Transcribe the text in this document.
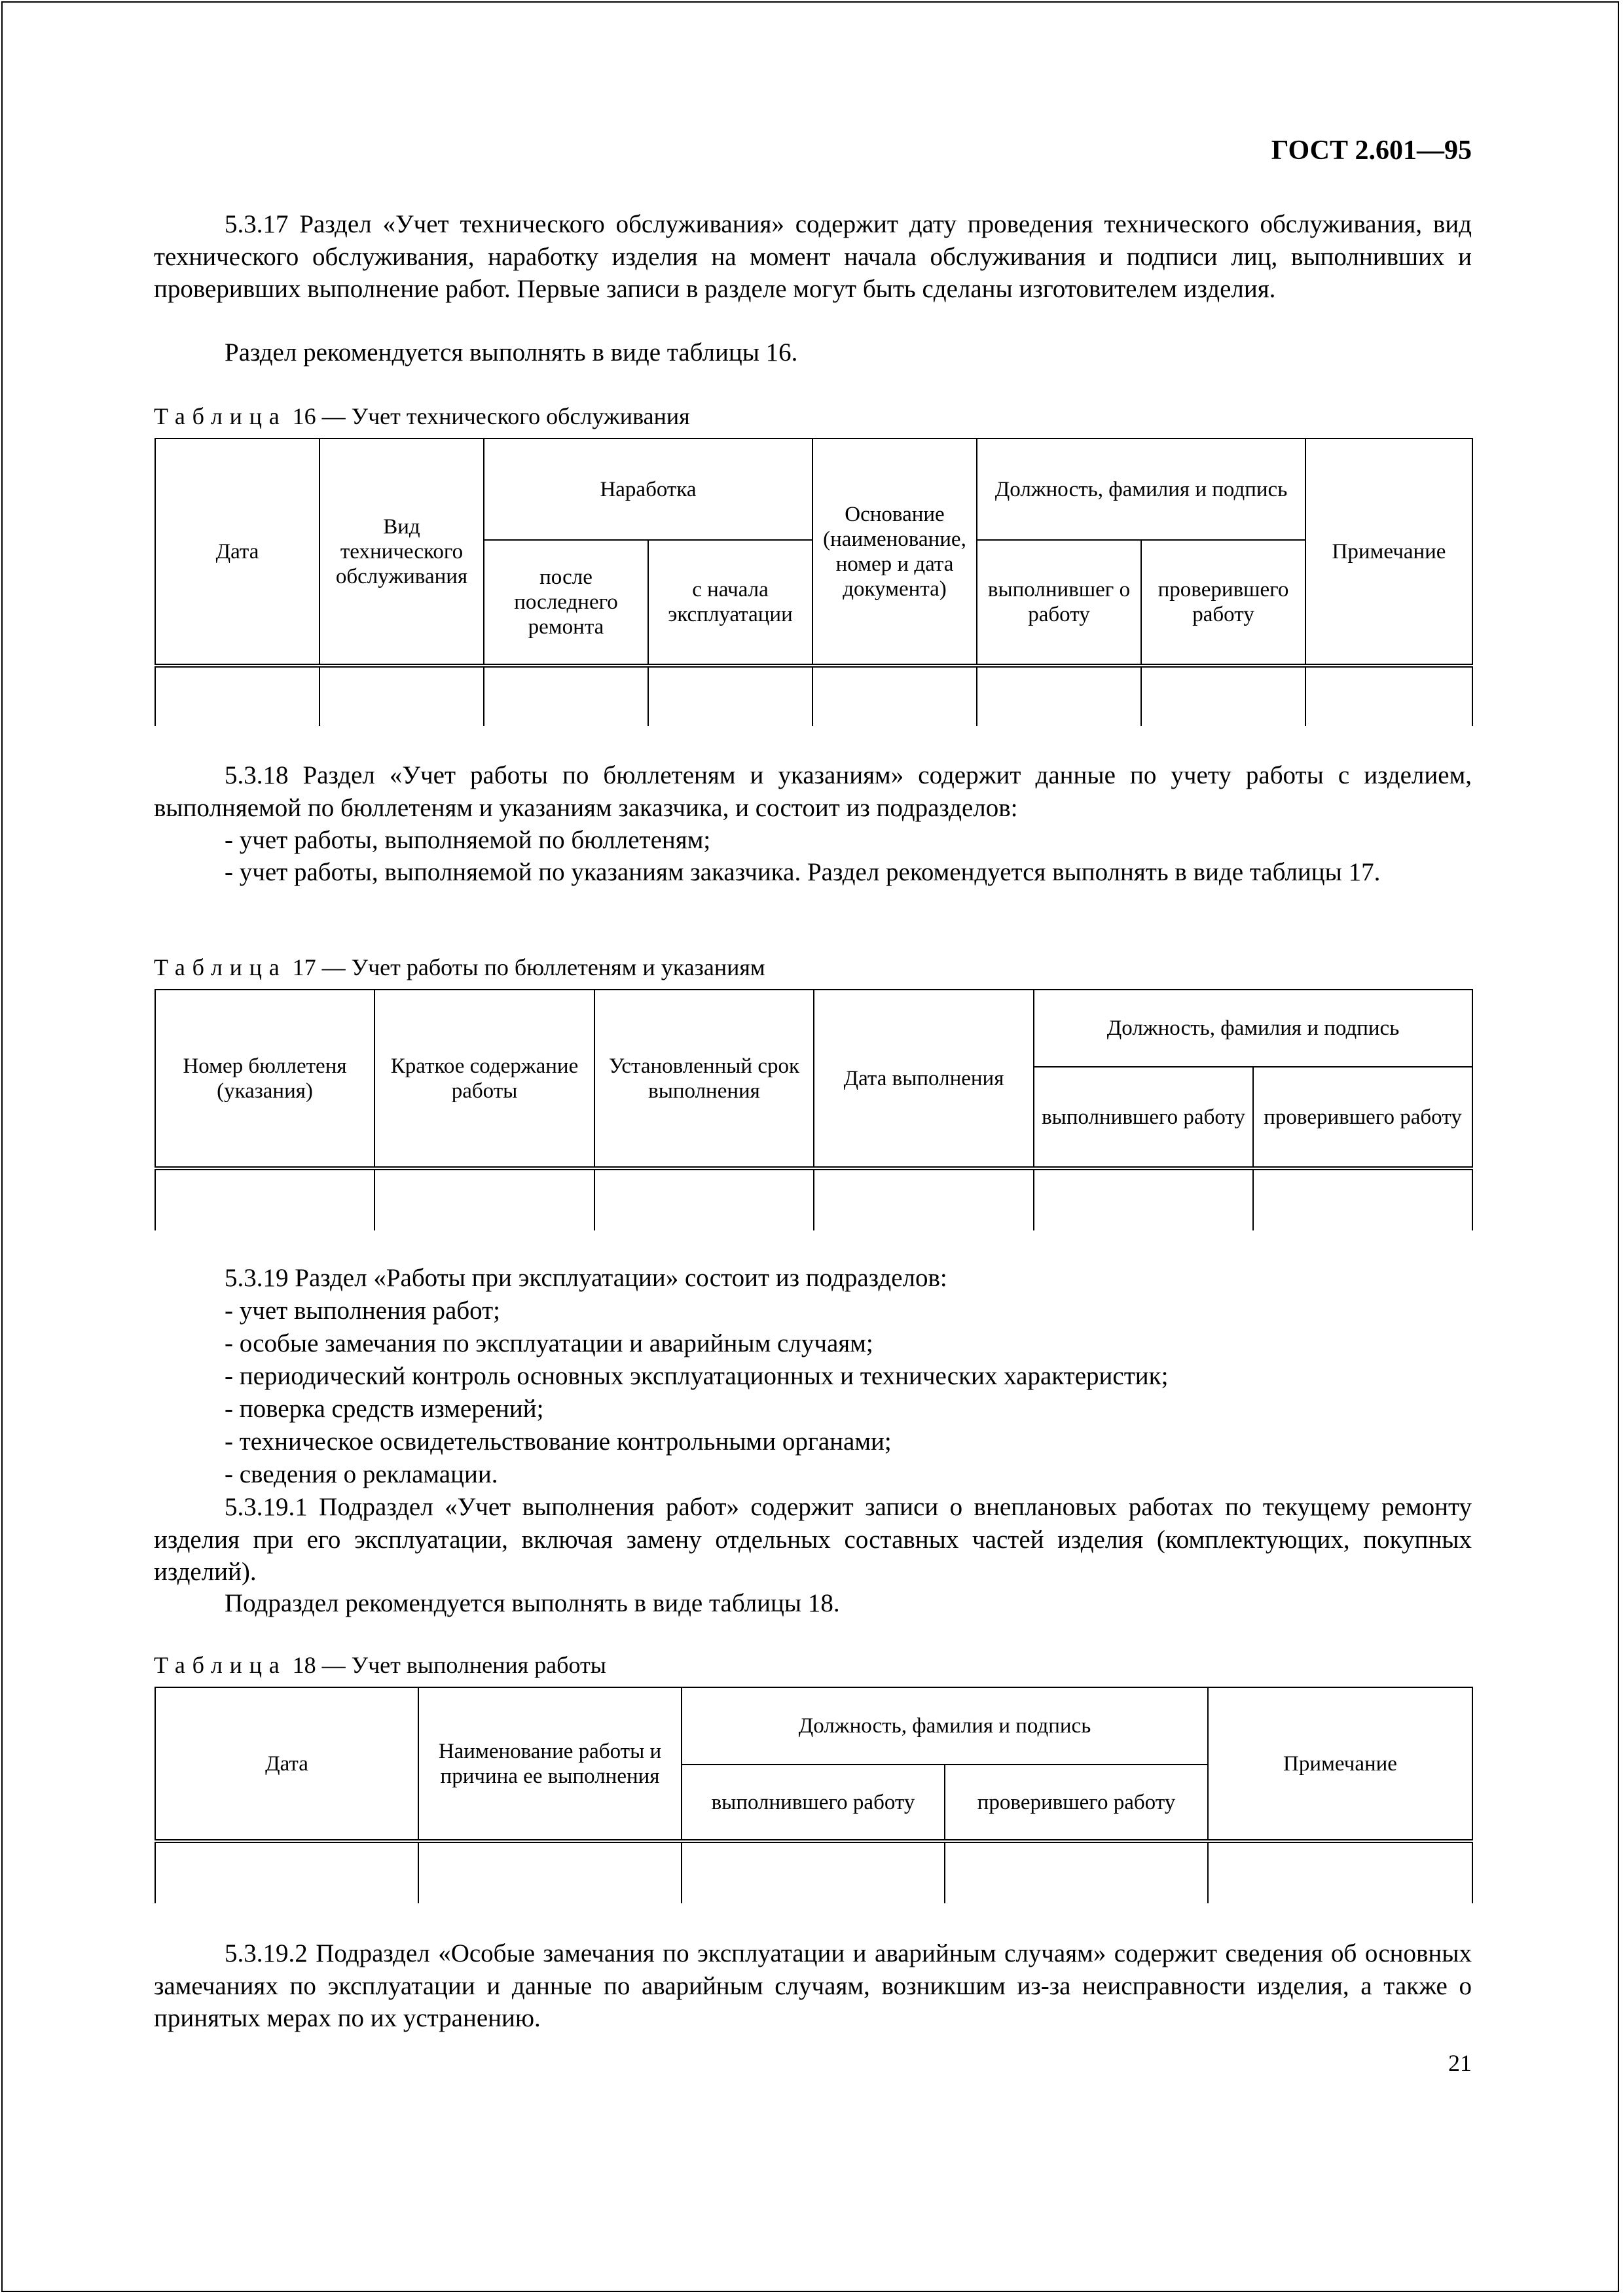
ГОСТ 2.601—95

5.3.17 Раздел «Учет технического обслуживания» содержит дату проведения технического обслуживания, вид технического обслуживания, наработку изделия на момент начала обслуживания и подписи лиц, выполнивших и проверивших выполнение работ. Первые записи в разделе могут быть сделаны изготовителем изделия.

Раздел рекомендуется выполнять в виде таблицы 16.

Таблица 16 — Учет технического обслуживания

Дата	Вид технического обслуживания	Наработка		Основание (наименование, номер и дата документа)	Должность, фамилия и подпись		Примечание
		после последнего ремонта	с начала эксплуатации		выполнившег о работу	проверившего работу	

5.3.18 Раздел «Учет работы по бюллетеням и указаниям» содержит данные по учету работы с изделием, выполняемой по бюллетеням и указаниям заказчика, и состоит из подразделов:

- учет работы, выполняемой по бюллетеням;

- учет работы, выполняемой по указаниям заказчика. Раздел рекомендуется выполнять в виде таблицы 17.

Таблица 17 — Учет работы по бюллетеням и указаниям

Номер бюллетеня (указания)	Краткое содержание работы	Установленный срок выполнения	Дата выполнения	Должность, фамилия и подпись	
				выполнившего работу	проверившего работу

5.3.19 Раздел «Работы при эксплуатации» состоит из подразделов:

- учет выполнения работ;

- особые замечания по эксплуатации и аварийным случаям;

- периодический контроль основных эксплуатационных и технических характеристик;

- поверка средств измерений;

- техническое освидетельствование контрольными органами;

- сведения о рекламации.

5.3.19.1 Подраздел «Учет выполнения работ» содержит записи о внеплановых работах по текущему ремонту изделия при его эксплуатации, включая замену отдельных составных частей изделия (комплектующих, покупных изделий).

Подраздел рекомендуется выполнять в виде таблицы 18.

Таблица 18 — Учет выполнения работы

Дата	Наименование работы и причина ее выполнения	Должность, фамилия и подпись		Примечание
		выполнившего работу	проверившего работу	

5.3.19.2 Подраздел «Особые замечания по эксплуатации и аварийным случаям» содержит сведения об основных замечаниях по эксплуатации и данные по аварийным случаям, возникшим из-за неисправности изделия, а также о принятых мерах по их устранению.

21
